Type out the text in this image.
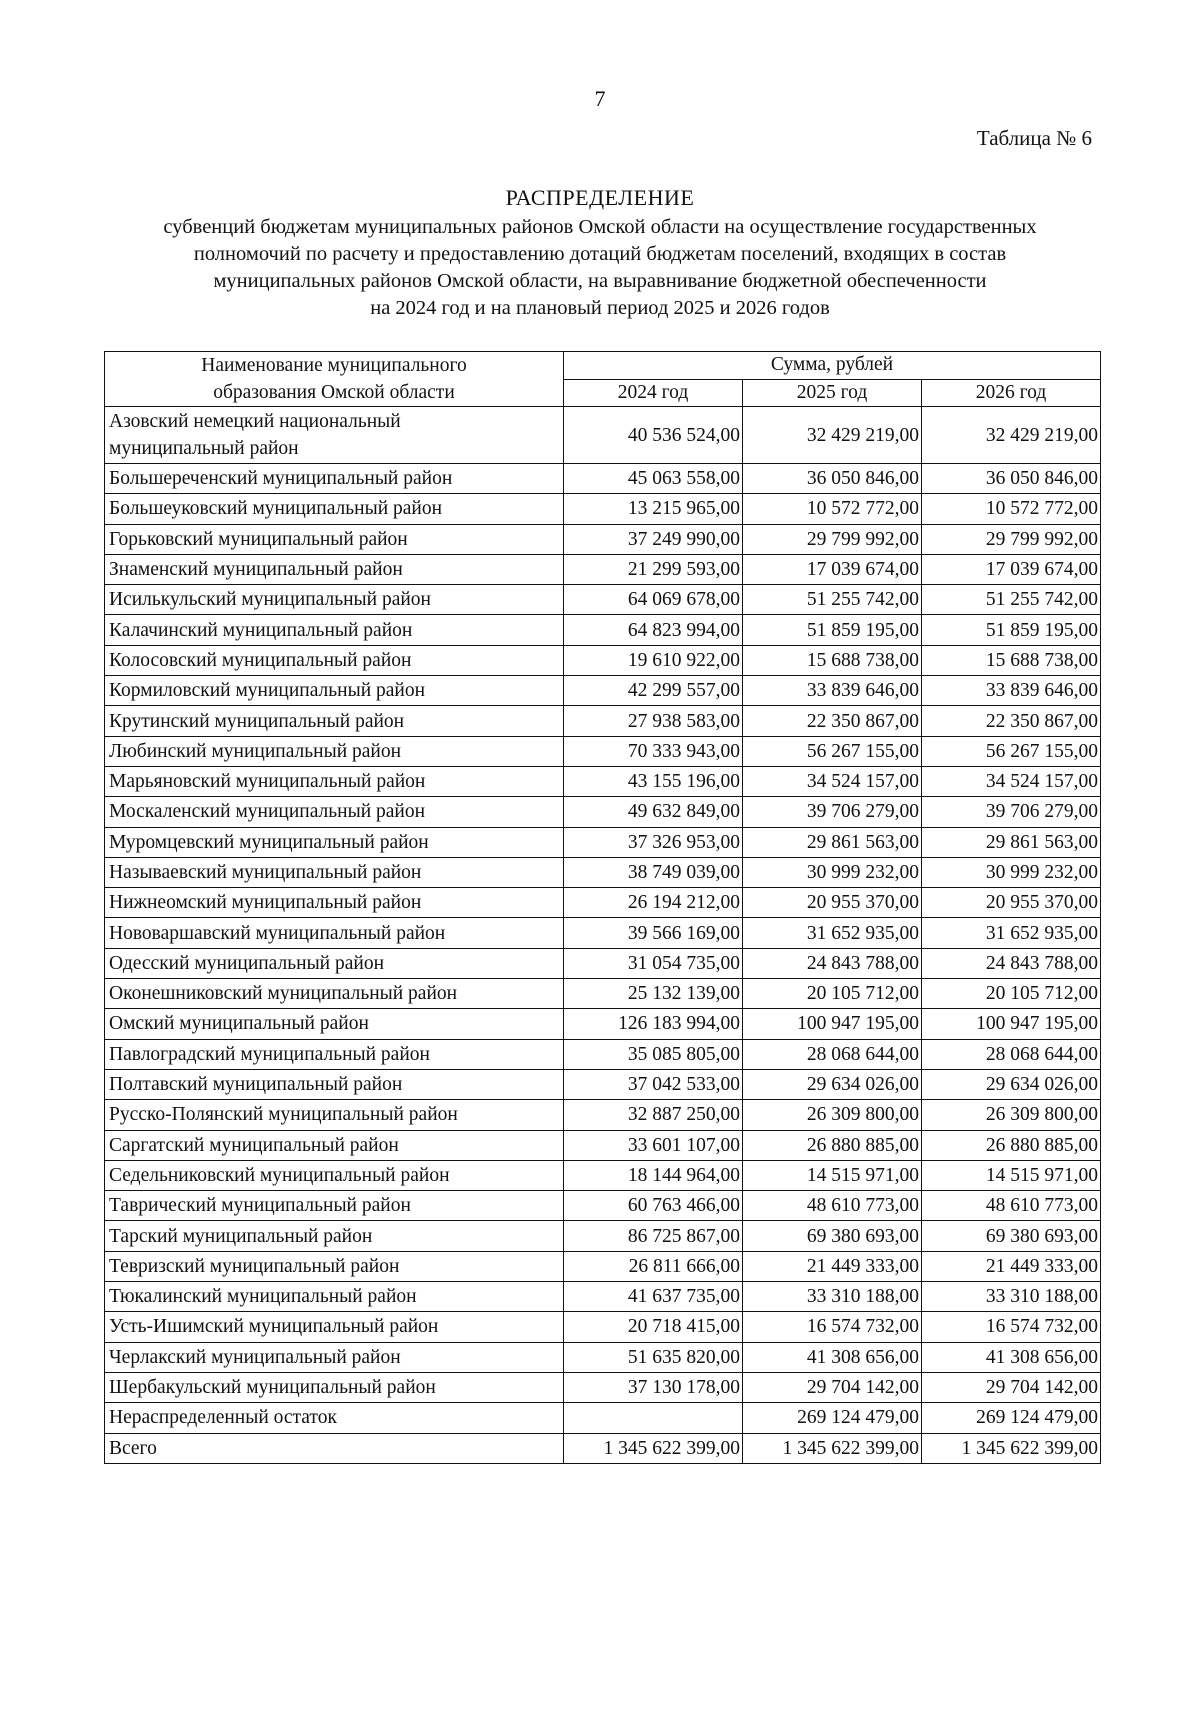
7
Таблица № 6
РАСПРЕДЕЛЕНИЕ
субвенций бюджетам муниципальных районов Омской области на осуществление государственных
полномочий по расчету и предоставлению дотаций бюджетам поселений, входящих в состав
муниципальных районов Омской области, на выравнивание бюджетной обеспеченности
на 2024 год и на плановый период 2025 и 2026 годов
Наименование муниципального
образования Омской области	Сумма, рублей		
	2024 год	2025 год	2026 год

Азовский немецкий национальный
муниципальный район	40 536 524,00	32 429 219,00	32 429 219,00
Большереченский муниципальный район	45 063 558,00	36 050 846,00	36 050 846,00
Большеуковский муниципальный район	13 215 965,00	10 572 772,00	10 572 772,00
Горьковский муниципальный район	37 249 990,00	29 799 992,00	29 799 992,00
Знаменский муниципальный район	21 299 593,00	17 039 674,00	17 039 674,00
Исилькульский муниципальный район	64 069 678,00	51 255 742,00	51 255 742,00
Калачинский муниципальный район	64 823 994,00	51 859 195,00	51 859 195,00
Колосовский муниципальный район	19 610 922,00	15 688 738,00	15 688 738,00
Кормиловский муниципальный район	42 299 557,00	33 839 646,00	33 839 646,00
Крутинский муниципальный район	27 938 583,00	22 350 867,00	22 350 867,00
Любинский муниципальный район	70 333 943,00	56 267 155,00	56 267 155,00
Марьяновский муниципальный район	43 155 196,00	34 524 157,00	34 524 157,00
Москаленский муниципальный район	49 632 849,00	39 706 279,00	39 706 279,00
Муромцевский муниципальный район	37 326 953,00	29 861 563,00	29 861 563,00
Называевский муниципальный район	38 749 039,00	30 999 232,00	30 999 232,00
Нижнеомский муниципальный район	26 194 212,00	20 955 370,00	20 955 370,00
Нововаршавский муниципальный район	39 566 169,00	31 652 935,00	31 652 935,00
Одесский муниципальный район	31 054 735,00	24 843 788,00	24 843 788,00
Оконешниковский муниципальный район	25 132 139,00	20 105 712,00	20 105 712,00
Омский муниципальный район	126 183 994,00	100 947 195,00	100 947 195,00
Павлоградский муниципальный район	35 085 805,00	28 068 644,00	28 068 644,00
Полтавский муниципальный район	37 042 533,00	29 634 026,00	29 634 026,00
Русско-Полянский муниципальный район	32 887 250,00	26 309 800,00	26 309 800,00
Саргатский муниципальный район	33 601 107,00	26 880 885,00	26 880 885,00
Седельниковский муниципальный район	18 144 964,00	14 515 971,00	14 515 971,00
Таврический муниципальный район	60 763 466,00	48 610 773,00	48 610 773,00
Тарский муниципальный район	86 725 867,00	69 380 693,00	69 380 693,00
Тевризский муниципальный район	26 811 666,00	21 449 333,00	21 449 333,00
Тюкалинский муниципальный район	41 637 735,00	33 310 188,00	33 310 188,00
Усть-Ишимский муниципальный район	20 718 415,00	16 574 732,00	16 574 732,00
Черлакский муниципальный район	51 635 820,00	41 308 656,00	41 308 656,00
Шербакульский муниципальный район	37 130 178,00	29 704 142,00	29 704 142,00
Нераспределенный остаток		269 124 479,00	269 124 479,00
Всего	1 345 622 399,00	1 345 622 399,00	1 345 622 399,00
